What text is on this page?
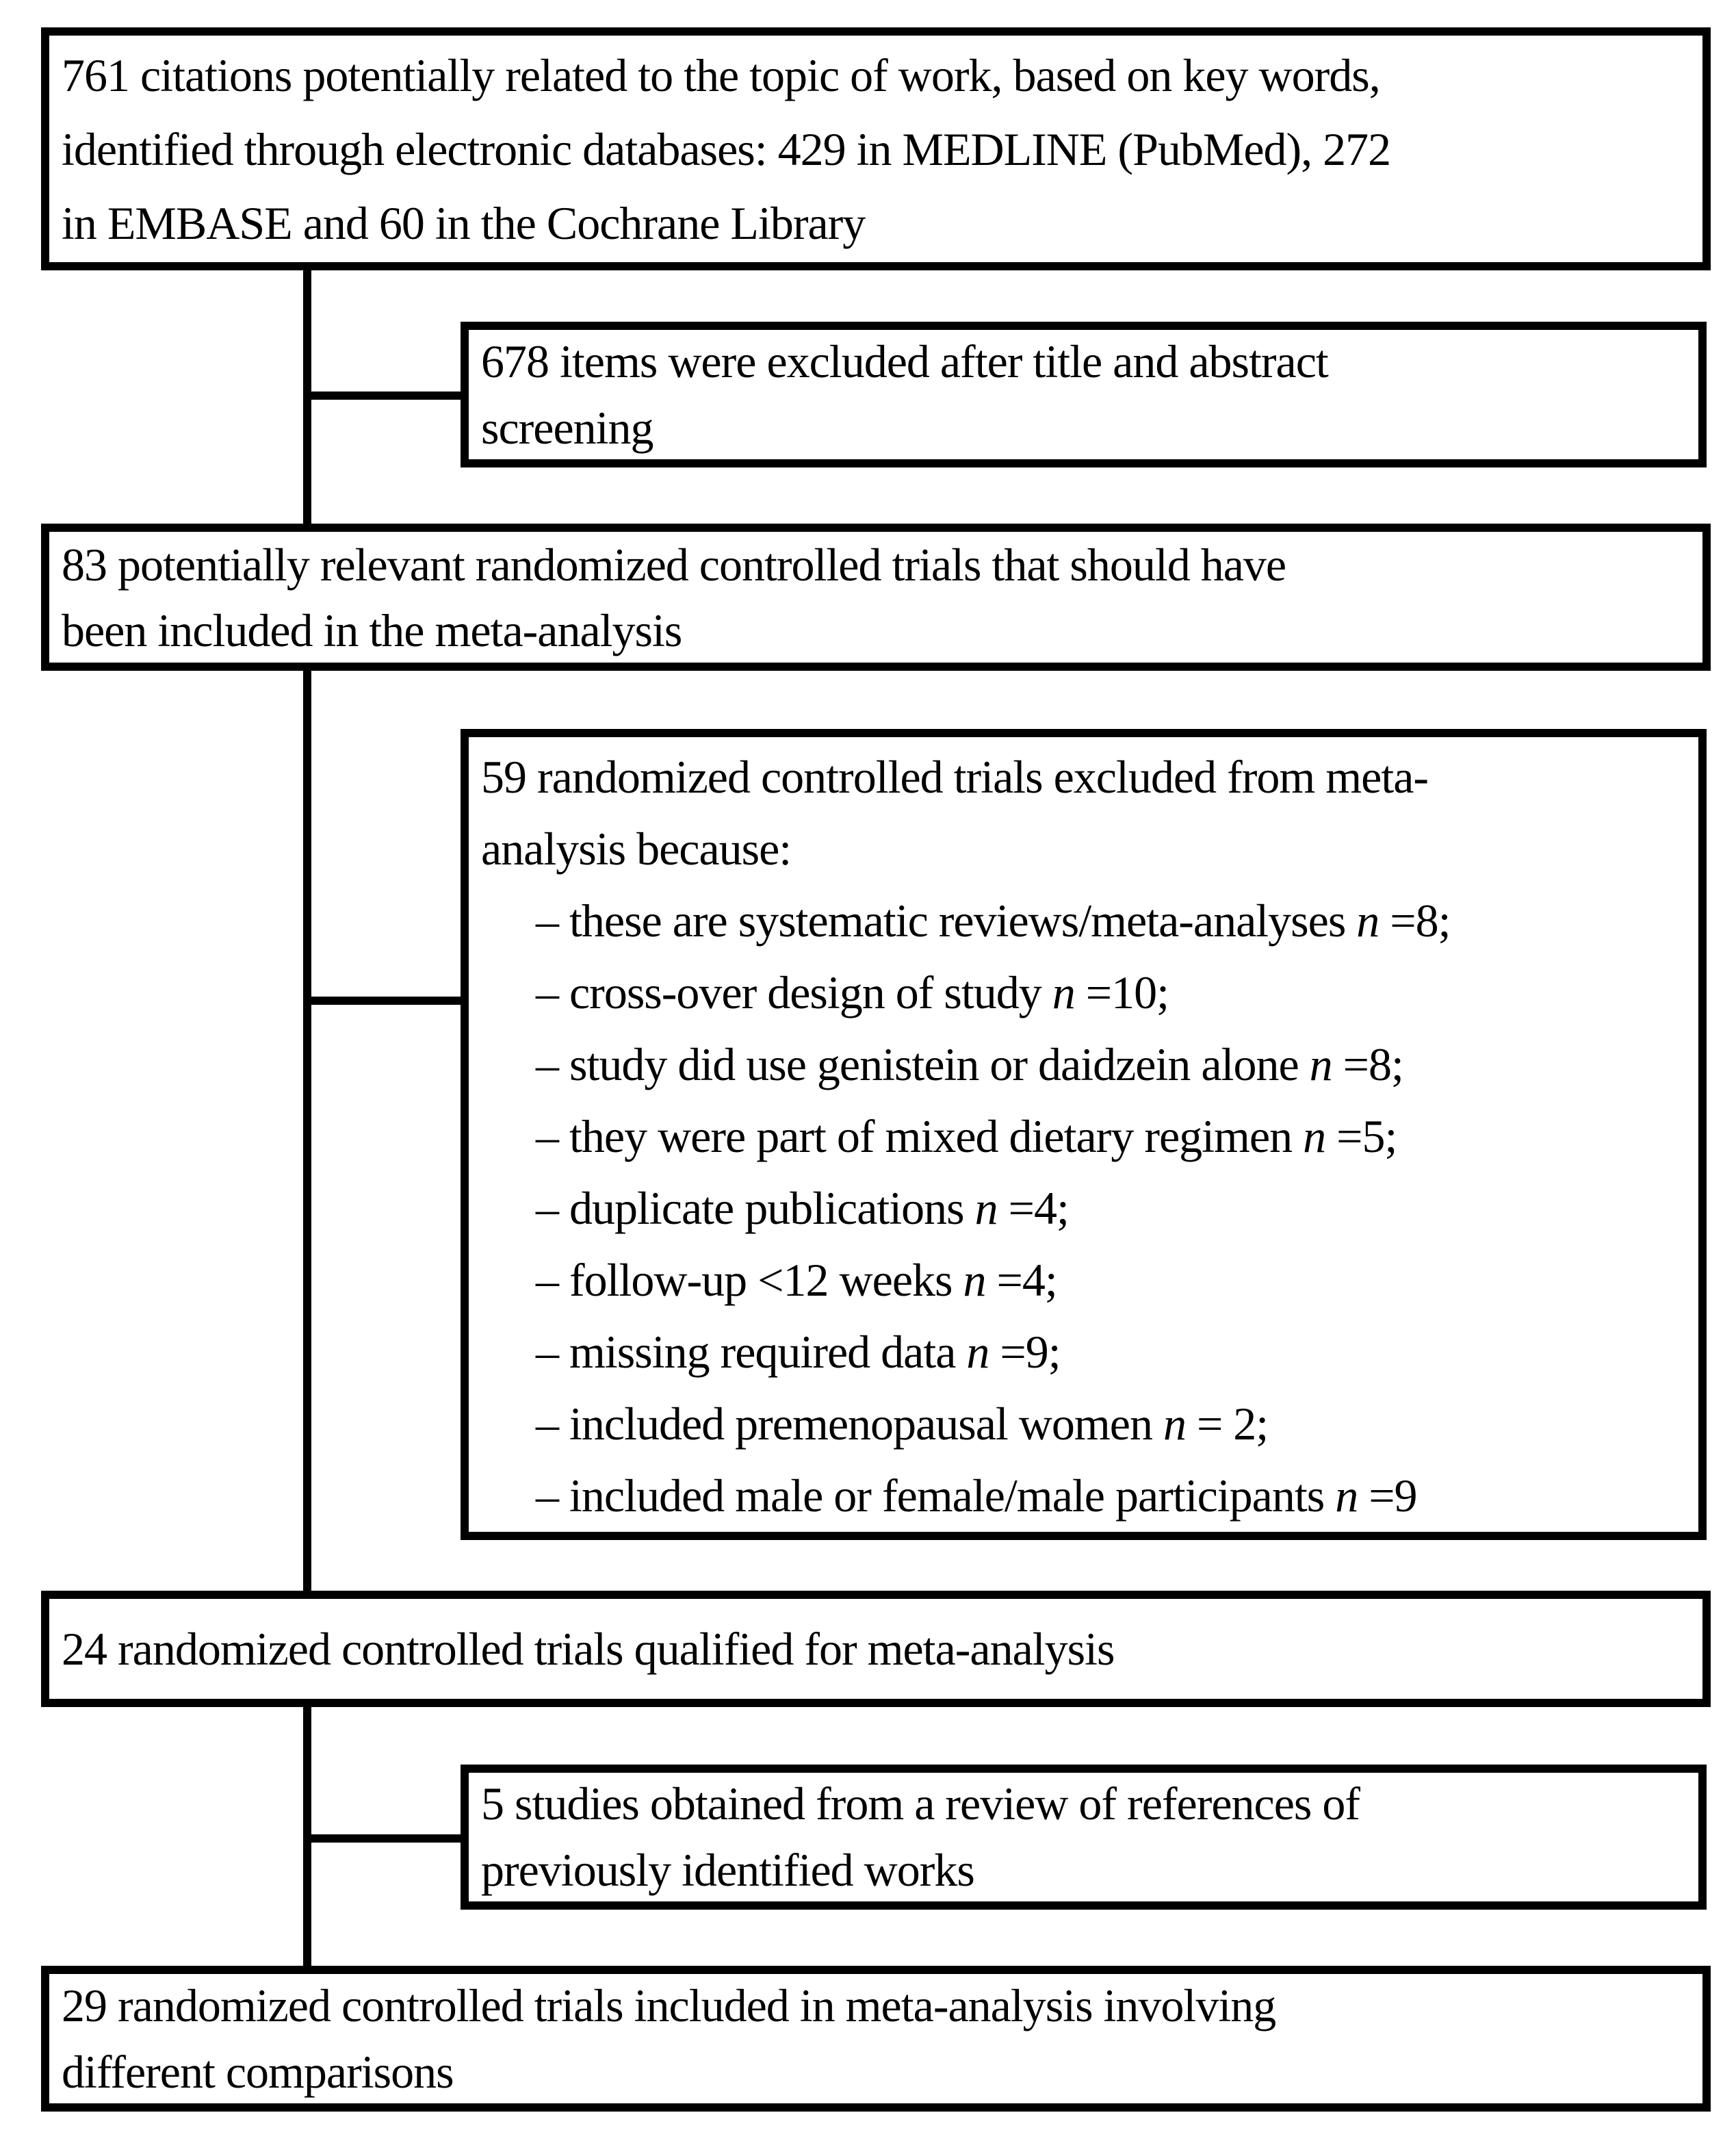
761 citations potentially related to the topic of work, based on key words,
identified through electronic databases: 429 in MEDLINE (PubMed), 272
in EMBASE and 60 in the Cochrane Library
678 items were excluded after title and abstract
screening
83 potentially relevant randomized controlled trials that should have
been included in the meta-analysis
59 randomized controlled trials excluded from meta-
analysis because:
– these are systematic reviews/meta-analyses n =8;
– cross-over design of study n =10;
– study did use genistein or daidzein alone n =8;
– they were part of mixed dietary regimen n =5;
– duplicate publications n =4;
– follow-up <12 weeks n =4;
– missing required data n =9;
– included premenopausal women n = 2;
– included male or female/male participants n =9
24 randomized controlled trials qualified for meta-analysis
5 studies obtained from a review of references of
previously identified works
29 randomized controlled trials included in meta-analysis involving
different comparisons
